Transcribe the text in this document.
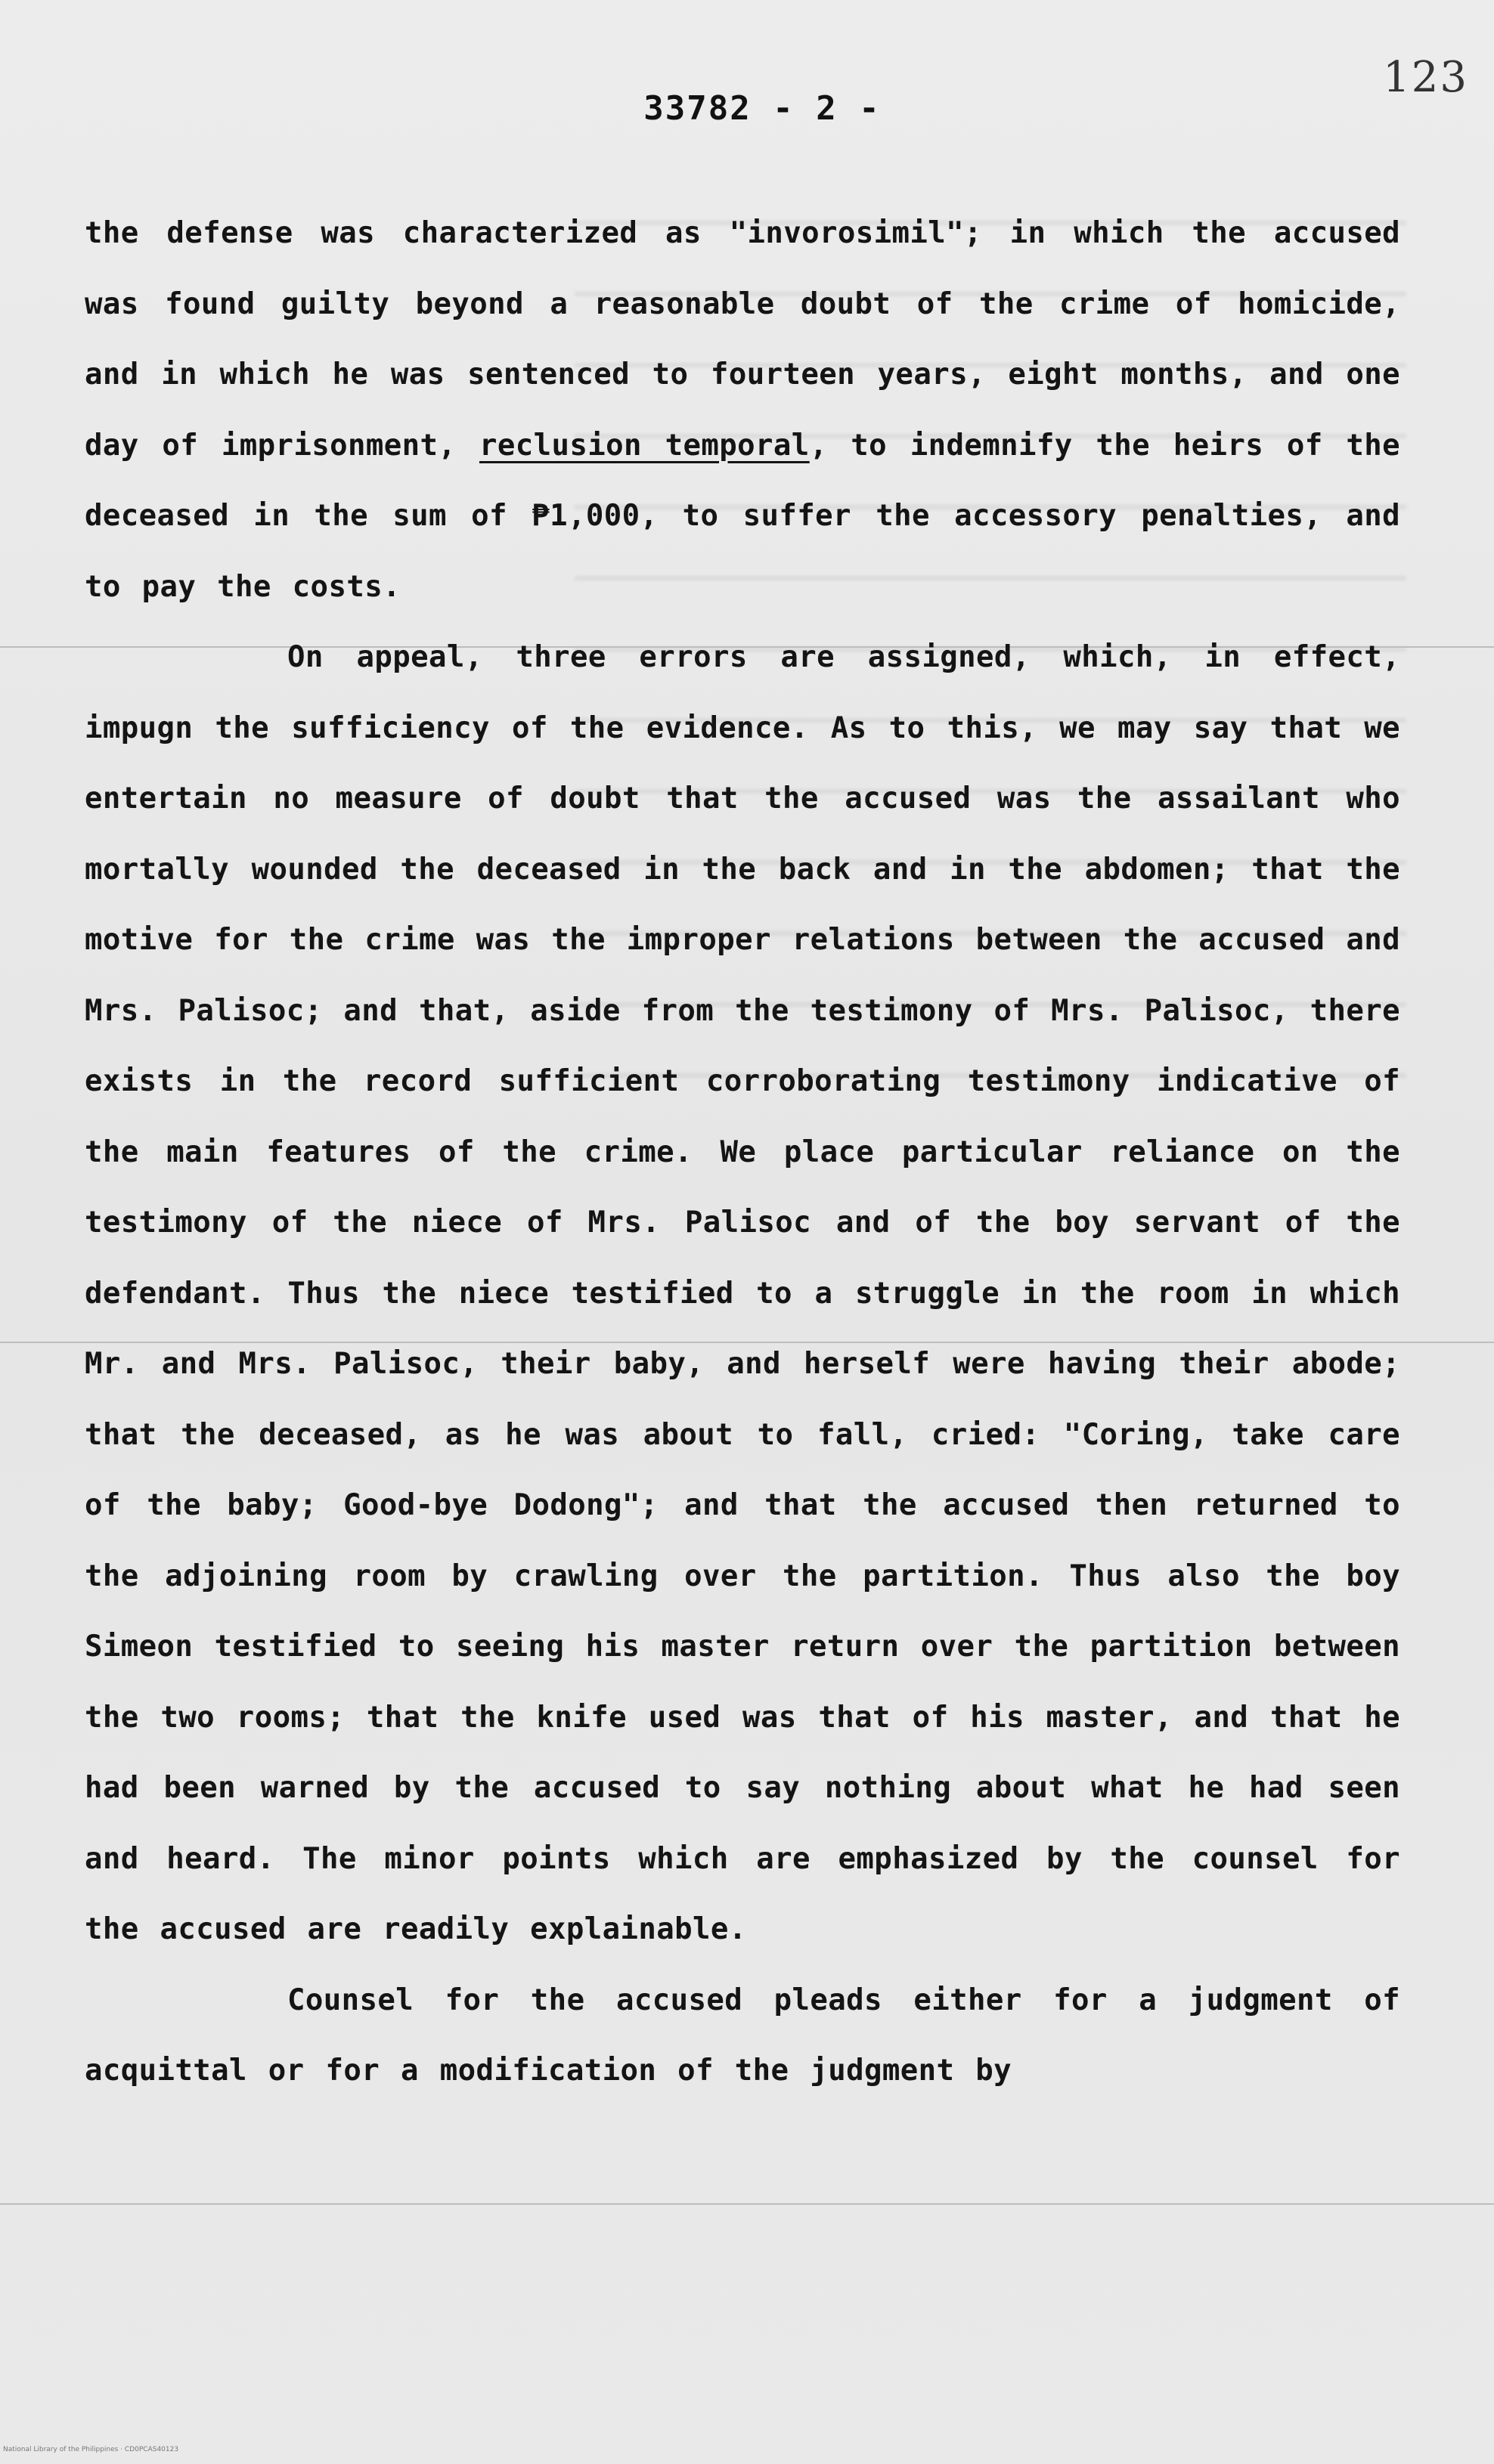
123
33782 - 2 -

the defense was characterized as "invorosimil"; in which the accused was found guilty beyond a reasonable doubt of the crime of homicide, and in which he was sentenced to fourteen years, eight months, and one day of imprisonment, reclusion temporal, to indemnify the heirs of the deceased in the sum of ₱1,000, to suffer the accessory penalties, and to pay the costs.

On appeal, three errors are assigned, which, in effect, impugn the sufficiency of the evidence. As to this, we may say that we entertain no measure of doubt that the accused was the assailant who mortally wounded the deceased in the back and in the abdomen; that the motive for the crime was the improper relations between the accused and Mrs. Palisoc; and that, aside from the testimony of Mrs. Palisoc, there exists in the record sufficient corroborating testimony indicative of the main features of the crime. We place particular reliance on the testimony of the niece of Mrs. Palisoc and of the boy servant of the defendant. Thus the niece testified to a struggle in the room in which Mr. and Mrs. Palisoc, their baby, and herself were having their abode; that the deceased, as he was about to fall, cried: "Coring, take care of the baby; Good-bye Dodong"; and that the accused then returned to the adjoining room by crawling over the partition. Thus also the boy Simeon testified to seeing his master return over the partition between the two rooms; that the knife used was that of his master, and that he had been warned by the accused to say nothing about what he had seen and heard. The minor points which are emphasized by the counsel for the accused are readily explainable.

Counsel for the accused pleads either for a judgment of acquittal or for a modification of the judgment by

National Library of the Philippines · CD0PCAS40123
